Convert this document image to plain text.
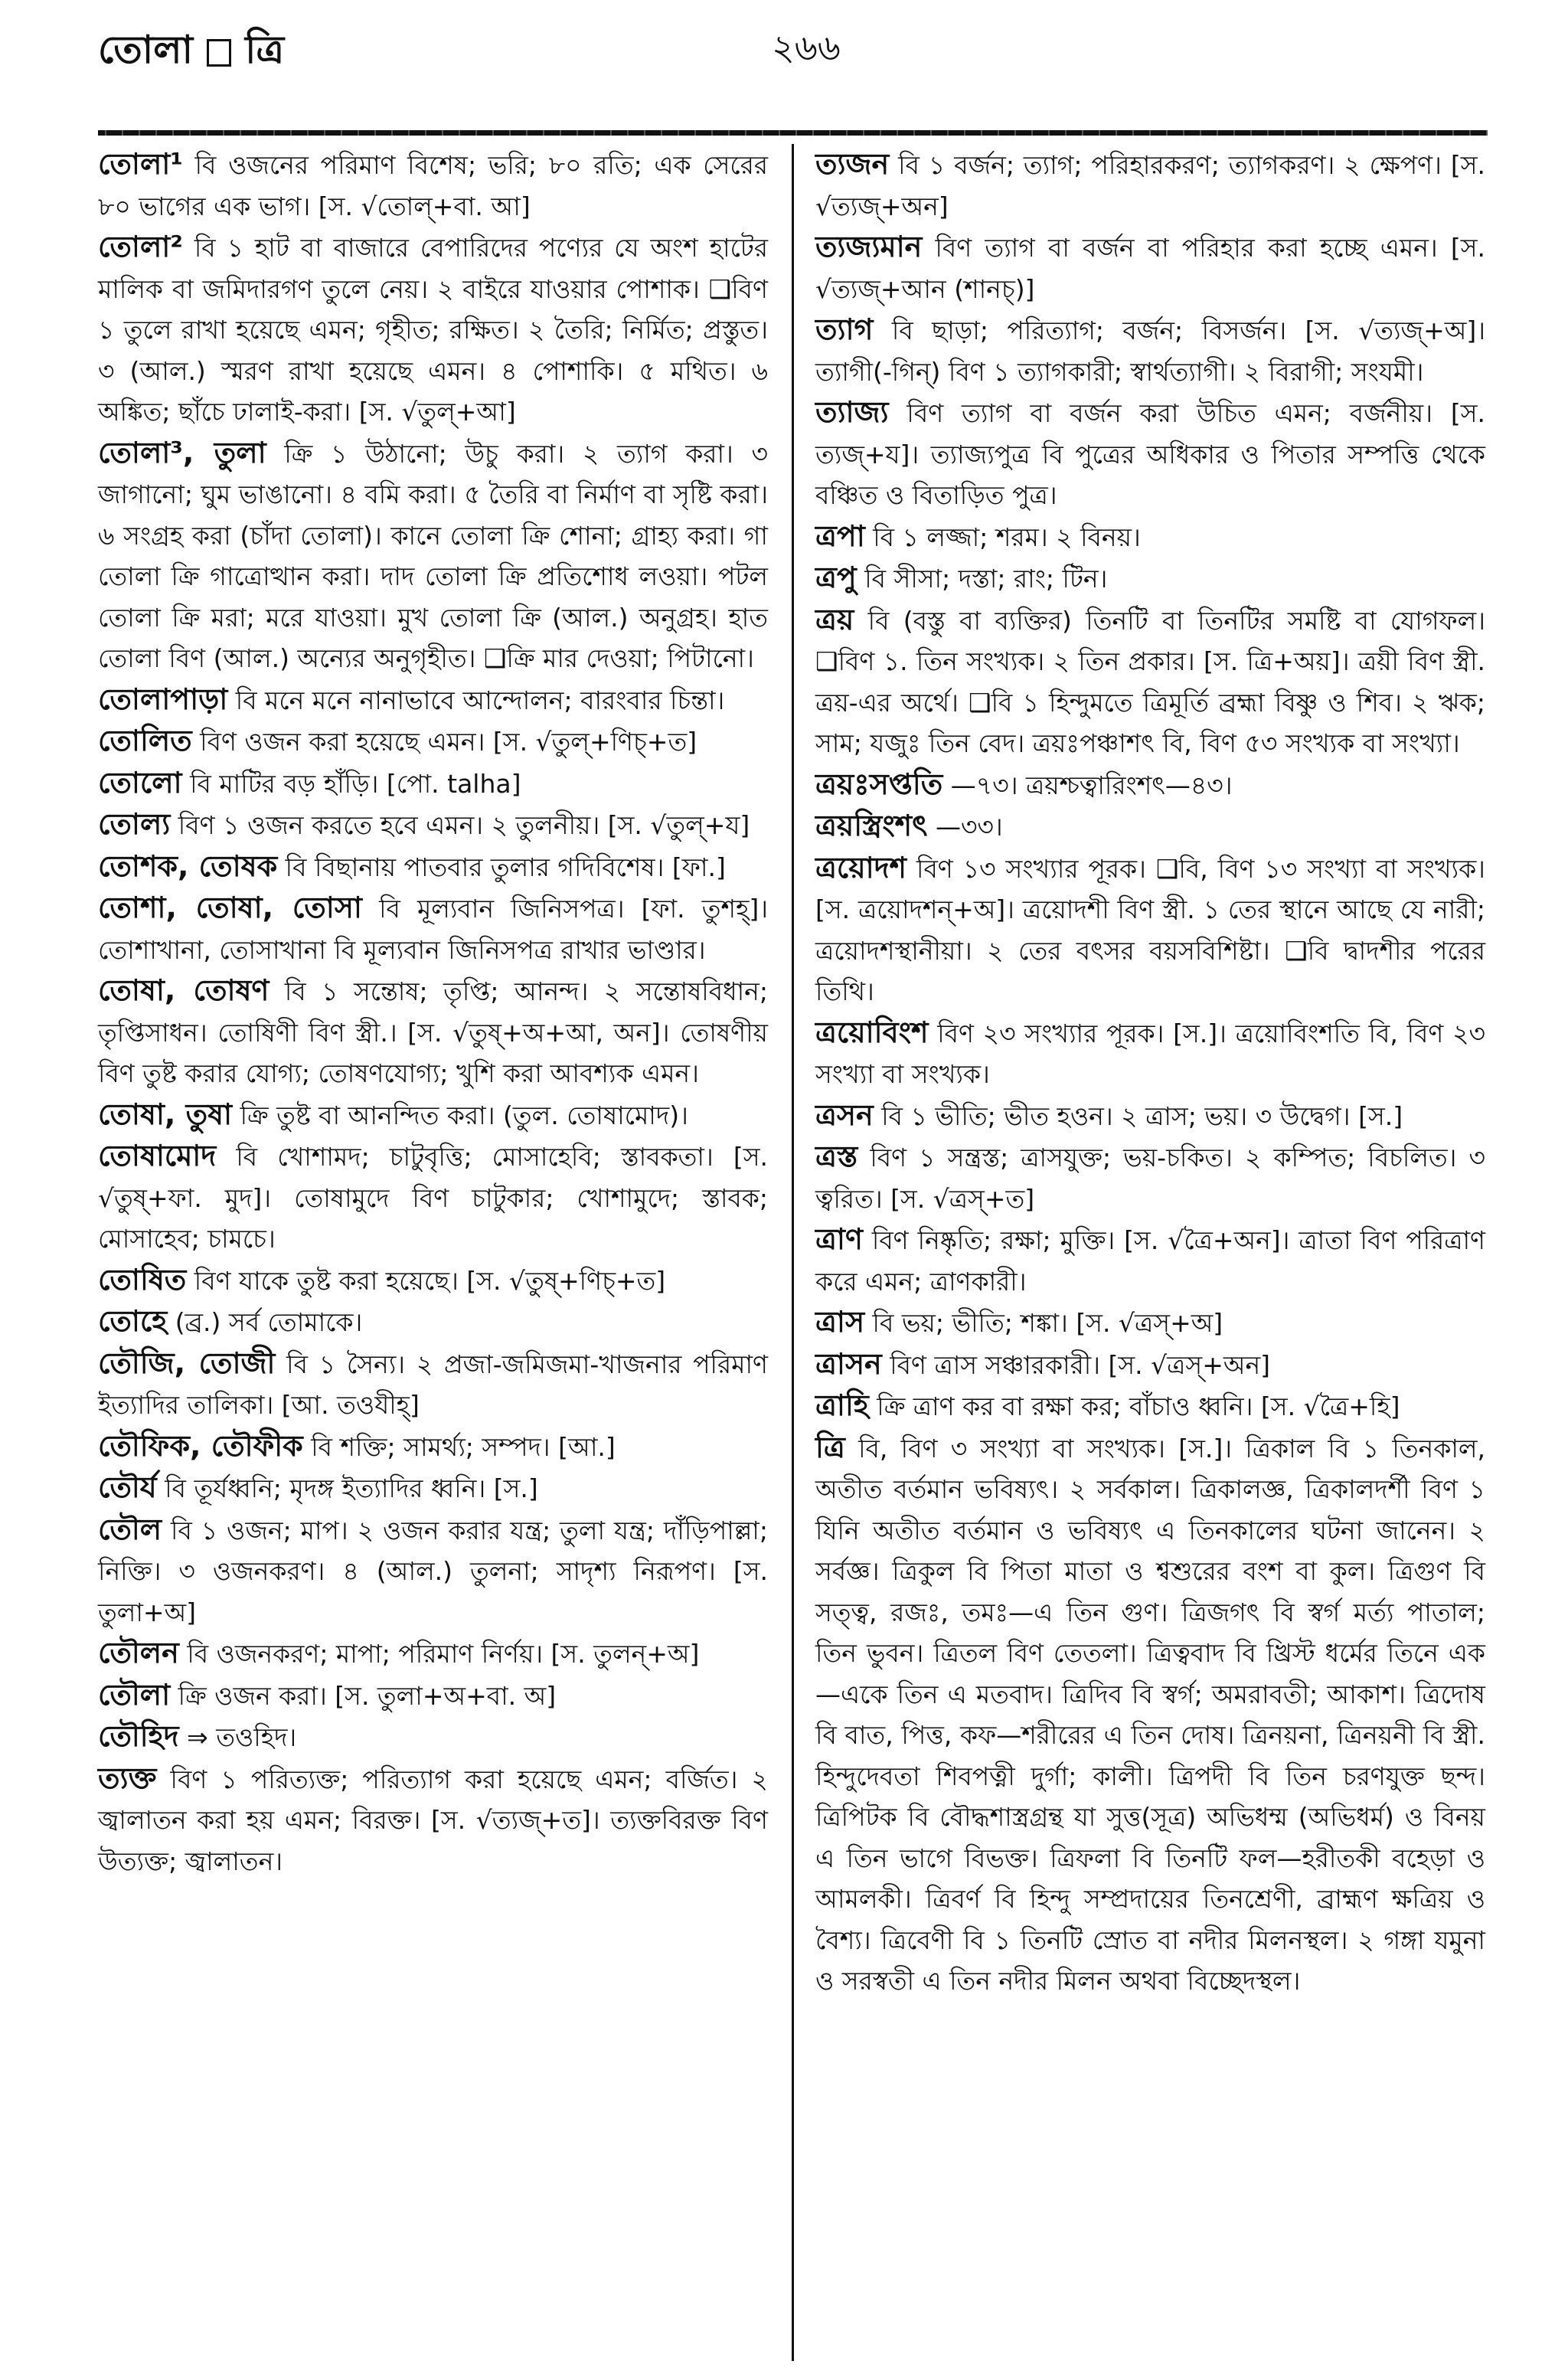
তোলা ত্রি	২৬৬

তোলা¹ বি ওজনের পরিমাণ বিশেষ; ভরি; ৮০ রতি; এক সেরের ৮০ ভাগের এক ভাগ। [স. √তোল্+বা. আ]

তোলা² বি ১ হাট বা বাজারে বেপারিদের পণ্যের যে অংশ হাটের মালিক বা জমিদারগণ তুলে নেয়। ২ বাইরে যাওয়ার পোশাক। ❑বিণ ১ তুলে রাখা হয়েছে এমন; গৃহীত; রক্ষিত। ২ তৈরি; নির্মিত; প্রস্তুত। ৩ (আল.) স্মরণ রাখা হয়েছে এমন। ৪ পোশাকি। ৫ মথিত। ৬ অঙ্কিত; ছাঁচে ঢালাই-করা। [স. √তুল্+আ]

তোলা³, তুলা ক্রি ১ উঠানো; উচু করা। ২ ত্যাগ করা। ৩ জাগানো; ঘুম ভাঙানো। ৪ বমি করা। ৫ তৈরি বা নির্মাণ বা সৃষ্টি করা। ৬ সংগ্রহ করা (চাঁদা তোলা)। কানে তোলা ক্রি শোনা; গ্রাহ্য করা। গা তোলা ক্রি গাত্রোত্থান করা। দাদ তোলা ক্রি প্রতিশোধ লওয়া। পটল তোলা ক্রি মরা; মরে যাওয়া। মুখ তোলা ক্রি (আল.) অনুগ্রহ। হাত তোলা বিণ (আল.) অন্যের অনুগৃহীত। ❑ক্রি মার দেওয়া; পিটানো।

তোলাপাড়া বি মনে মনে নানাভাবে আন্দোলন; বারংবার চিন্তা।

তোলিত বিণ ওজন করা হয়েছে এমন। [স. √তুল্+ণিচ্+ত]

তোলো বি মাটির বড় হাঁড়ি। [পো. talha]

তোল্য বিণ ১ ওজন করতে হবে এমন। ২ তুলনীয়। [স. √তুল্+য]

তোশক, তোষক বি বিছানায় পাতবার তুলার গদিবিশেষ। [ফা.]

তোশা, তোষা, তোসা বি মূল্যবান জিনিসপত্র। [ফা. তুশহ্]। তোশাখানা, তোসাখানা বি মূল্যবান জিনিসপত্র রাখার ভাণ্ডার।

তোষা, তোষণ বি ১ সন্তোষ; তৃপ্তি; আনন্দ। ২ সন্তোষবিধান; তৃপ্তিসাধন। তোষিণী বিণ স্ত্রী.। [স. √তুষ্+অ+আ, অন]। তোষণীয় বিণ তুষ্ট করার যোগ্য; তোষণযোগ্য; খুশি করা আবশ্যক এমন।

তোষা, তুষা ক্রি তুষ্ট বা আনন্দিত করা। (তুল. তোষামোদ)।

তোষামোদ বি খোশামদ; চাটুবৃত্তি; মোসাহেবি; স্তাবকতা। [স. √তুষ্+ফা. মুদ]। তোষামুদে বিণ চাটুকার; খোশামুদে; স্তাবক; মোসাহেব; চামচে।

তোষিত বিণ যাকে তুষ্ট করা হয়েছে। [স. √তুষ্+ণিচ্+ত]

তোহে (ব্র.) সর্ব তোমাকে।

তৌজি, তোজী বি ১ সৈন্য। ২ প্রজা-জমিজমা-খাজনার পরিমাণ ইত্যাদির তালিকা। [আ. তওযীহ্]

তৌফিক, তৌফীক বি শক্তি; সামর্থ্য; সম্পদ। [আ.]

তৌর্য বি তূর্যধ্বনি; মৃদঙ্গ ইত্যাদির ধ্বনি। [স.]

তৌল বি ১ ওজন; মাপ। ২ ওজন করার যন্ত্র; তুলা যন্ত্র; দাঁড়িপাল্লা; নিক্তি। ৩ ওজনকরণ। ৪ (আল.) তুলনা; সাদৃশ্য নিরূপণ। [স. তুলা+অ]

তৌলন বি ওজনকরণ; মাপা; পরিমাণ নির্ণয়। [স. তুলন্+অ]

তৌলা ক্রি ওজন করা। [স. তুলা+অ+বা. অ]

তৌহিদ ⇒ তওহিদ।

ত্যক্ত বিণ ১ পরিত্যক্ত; পরিত্যাগ করা হয়েছে এমন; বর্জিত। ২ জ্বালাতন করা হয় এমন; বিরক্ত। [স. √ত্যজ্+ত]। ত্যক্তবিরক্ত বিণ উত্যক্ত; জ্বালাতন।

ত্যজন বি ১ বর্জন; ত্যাগ; পরিহারকরণ; ত্যাগকরণ। ২ ক্ষেপণ। [স. √ত্যজ্+অন]

ত্যজ্যমান বিণ ত্যাগ বা বর্জন বা পরিহার করা হচ্ছে এমন। [স. √ত্যজ্+আন (শানচ্)]

ত্যাগ বি ছাড়া; পরিত্যাগ; বর্জন; বিসর্জন। [স. √ত্যজ্+অ]। ত্যাগী(-গিন্) বিণ ১ ত্যাগকারী; স্বার্থত্যাগী। ২ বিরাগী; সংযমী।

ত্যাজ্য বিণ ত্যাগ বা বর্জন করা উচিত এমন; বর্জনীয়। [স. ত্যজ্+য]। ত্যাজ্যপুত্র বি পুত্রের অধিকার ও পিতার সম্পত্তি থেকে বঞ্চিত ও বিতাড়িত পুত্র।

ত্রপা বি ১ লজ্জা; শরম। ২ বিনয়।

ত্রপু বি সীসা; দস্তা; রাং; টিন।

ত্রয় বি (বস্তু বা ব্যক্তির) তিনটি বা তিনটির সমষ্টি বা যোগফল। ❑বিণ ১. তিন সংখ্যক। ২ তিন প্রকার। [স. ত্রি+অয়]। ত্রয়ী বিণ স্ত্রী. ত্রয়-এর অর্থে। ❑বি ১ হিন্দুমতে ত্রিমূর্তি ব্রহ্মা বিষ্ণু ও শিব। ২ ঋক; সাম; যজুঃ তিন বেদ। ত্রয়ঃপঞ্চাশৎ বি, বিণ ৫৩ সংখ্যক বা সংখ্যা।

ত্রয়ঃসপ্ততি —৭৩। ত্রয়শ্চত্বারিংশৎ—৪৩।

ত্রয়স্ত্রিংশৎ —৩৩।

ত্রয়োদশ বিণ ১৩ সংখ্যার পূরক। ❑বি, বিণ ১৩ সংখ্যা বা সংখ্যক। [স. ত্রয়োদশন্+অ]। ত্রয়োদশী বিণ স্ত্রী. ১ তের স্থানে আছে যে নারী; ত্রয়োদশস্থানীয়া। ২ তের বৎসর বয়সবিশিষ্টা। ❑বি দ্বাদশীর পরের তিথি।

ত্রয়োবিংশ বিণ ২৩ সংখ্যার পূরক। [স.]। ত্রয়োবিংশতি বি, বিণ ২৩ সংখ্যা বা সংখ্যক।

ত্রসন বি ১ ভীতি; ভীত হওন। ২ ত্রাস; ভয়। ৩ উদ্বেগ। [স.]

ত্রস্ত বিণ ১ সন্ত্রস্ত; ত্রাসযুক্ত; ভয়-চকিত। ২ কম্পিত; বিচলিত। ৩ ত্বরিত। [স. √ত্রস্+ত]

ত্রাণ বিণ নিষ্কৃতি; রক্ষা; মুক্তি। [স. √ত্রৈ+অন]। ত্রাতা বিণ পরিত্রাণ করে এমন; ত্রাণকারী।

ত্রাস বি ভয়; ভীতি; শঙ্কা। [স. √ত্রস্+অ]

ত্রাসন বিণ ত্রাস সঞ্চারকারী। [স. √ত্রস্+অন]

ত্রাহি ক্রি ত্রাণ কর বা রক্ষা কর; বাঁচাও ধ্বনি। [স. √ত্রৈ+হি]

ত্রি বি, বিণ ৩ সংখ্যা বা সংখ্যক। [স.]। ত্রিকাল বি ১ তিনকাল, অতীত বর্তমান ভবিষ্যৎ। ২ সর্বকাল। ত্রিকালজ্ঞ, ত্রিকালদর্শী বিণ ১ যিনি অতীত বর্তমান ও ভবিষ্যৎ এ তিনকালের ঘটনা জানেন। ২ সর্বজ্ঞ। ত্রিকুল বি পিতা মাতা ও শ্বশুরের বংশ বা কুল। ত্রিগুণ বি সত্ত্ব, রজঃ, তমঃ—এ তিন গুণ। ত্রিজগৎ বি স্বর্গ মর্ত্য পাতাল; তিন ভুবন। ত্রিতল বিণ তেতলা। ত্রিত্ববাদ বি খ্রিস্ট ধর্মের তিনে এক—একে তিন এ মতবাদ। ত্রিদিব বি স্বর্গ; অমরাবতী; আকাশ। ত্রিদোষ বি বাত, পিত্ত, কফ—শরীরের এ তিন দোষ। ত্রিনয়না, ত্রিনয়নী বি স্ত্রী. হিন্দুদেবতা শিবপত্নী দুর্গা; কালী। ত্রিপদী বি তিন চরণযুক্ত ছন্দ। ত্রিপিটক বি বৌদ্ধশাস্ত্রগ্রন্থ যা সুত্ত(সূত্র) অভিধম্ম (অভিধর্ম) ও বিনয় এ তিন ভাগে বিভক্ত। ত্রিফলা বি তিনটি ফল—হরীতকী বহেড়া ও আমলকী। ত্রিবর্ণ বি হিন্দু সম্প্রদায়ের তিনশ্রেণী, ব্রাহ্মণ ক্ষত্রিয় ও বৈশ্য। ত্রিবেণী বি ১ তিনটি স্রোত বা নদীর মিলনস্থল। ২ গঙ্গা যমুনা ও সরস্বতী এ তিন নদীর মিলন অথবা বিচ্ছেদস্থল।
